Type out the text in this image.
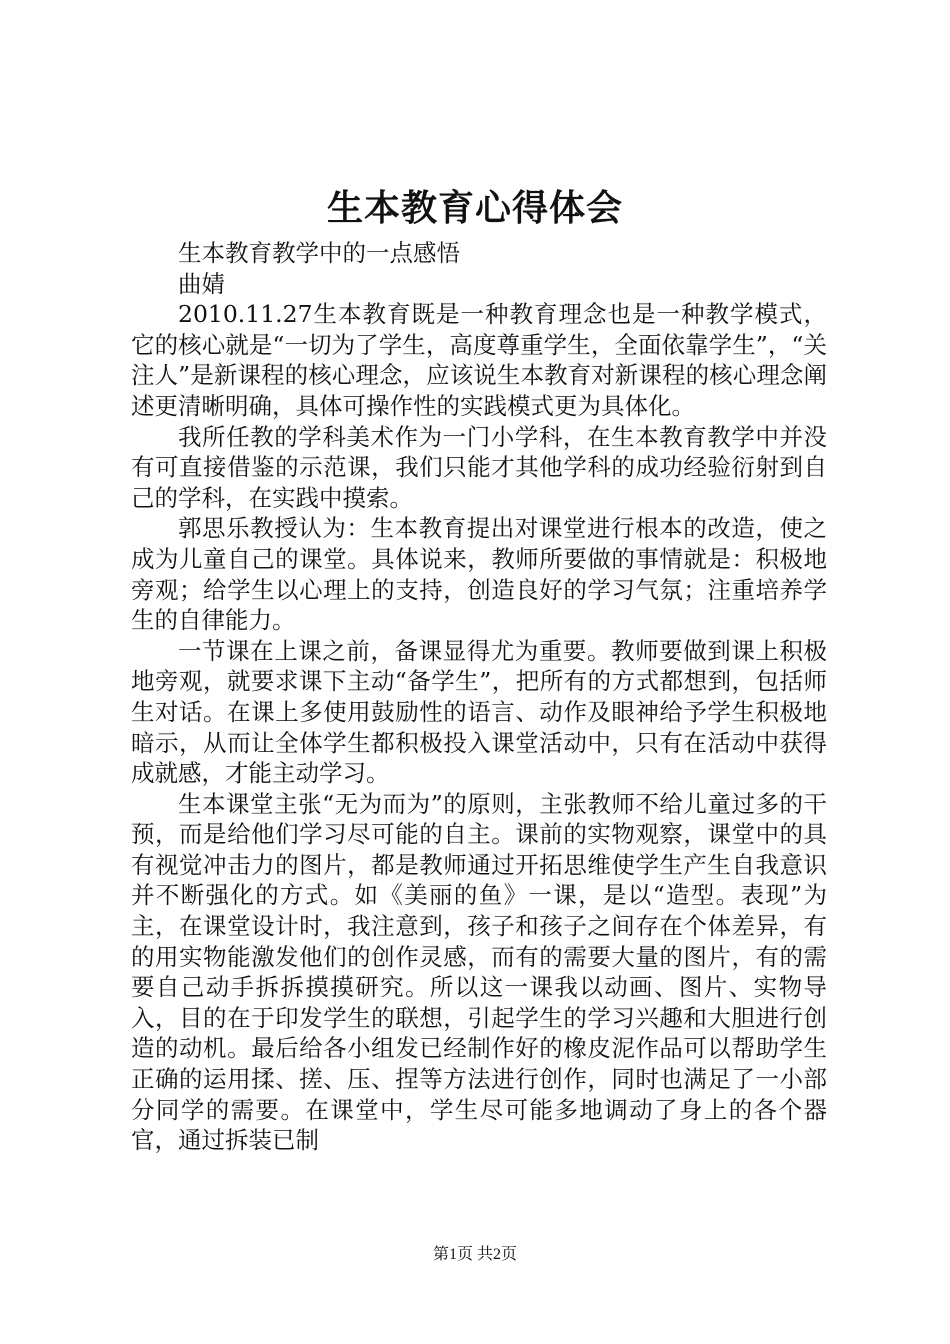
生本教育心得体会

生本教育教学中的一点感悟

曲婧

2010.11.27生本教育既是一种教育理念也是一种教学模式，它的核心就是“一切为了学生，高度尊重学生，全面依靠学生”，“关注人”是新课程的核心理念，应该说生本教育对新课程的核心理念阐述更清晰明确，具体可操作性的实践模式更为具体化。

我所任教的学科美术作为一门小学科，在生本教育教学中并没有可直接借鉴的示范课，我们只能才其他学科的成功经验衍射到自己的学科，在实践中摸索。

郭思乐教授认为：生本教育提出对课堂进行根本的改造，使之成为儿童自己的课堂。具体说来，教师所要做的事情就是：积极地旁观；给学生以心理上的支持，创造良好的学习气氛；注重培养学生的自律能力。

一节课在上课之前，备课显得尤为重要。教师要做到课上积极地旁观，就要求课下主动“备学生”，把所有的方式都想到，包括师生对话。在课上多使用鼓励性的语言、动作及眼神给予学生积极地暗示，从而让全体学生都积极投入课堂活动中，只有在活动中获得成就感，才能主动学习。

生本课堂主张“无为而为”的原则，主张教师不给儿童过多的干预，而是给他们学习尽可能的自主。课前的实物观察，课堂中的具有视觉冲击力的图片，都是教师通过开拓思维使学生产生自我意识并不断强化的方式。如《美丽的鱼》一课，是以“造型。表现”为主，在课堂设计时，我注意到，孩子和孩子之间存在个体差异，有的用实物能激发他们的创作灵感，而有的需要大量的图片，有的需要自己动手拆拆摸摸研究。所以这一课我以动画、图片、实物导入，目的在于印发学生的联想，引起学生的学习兴趣和大胆进行创造的动机。最后给各小组发已经制作好的橡皮泥作品可以帮助学生正确的运用揉、搓、压、捏等方法进行创作，同时也满足了一小部分同学的需要。在课堂中，学生尽可能多地调动了身上的各个器官，通过拆装已制

第1页 共2页
